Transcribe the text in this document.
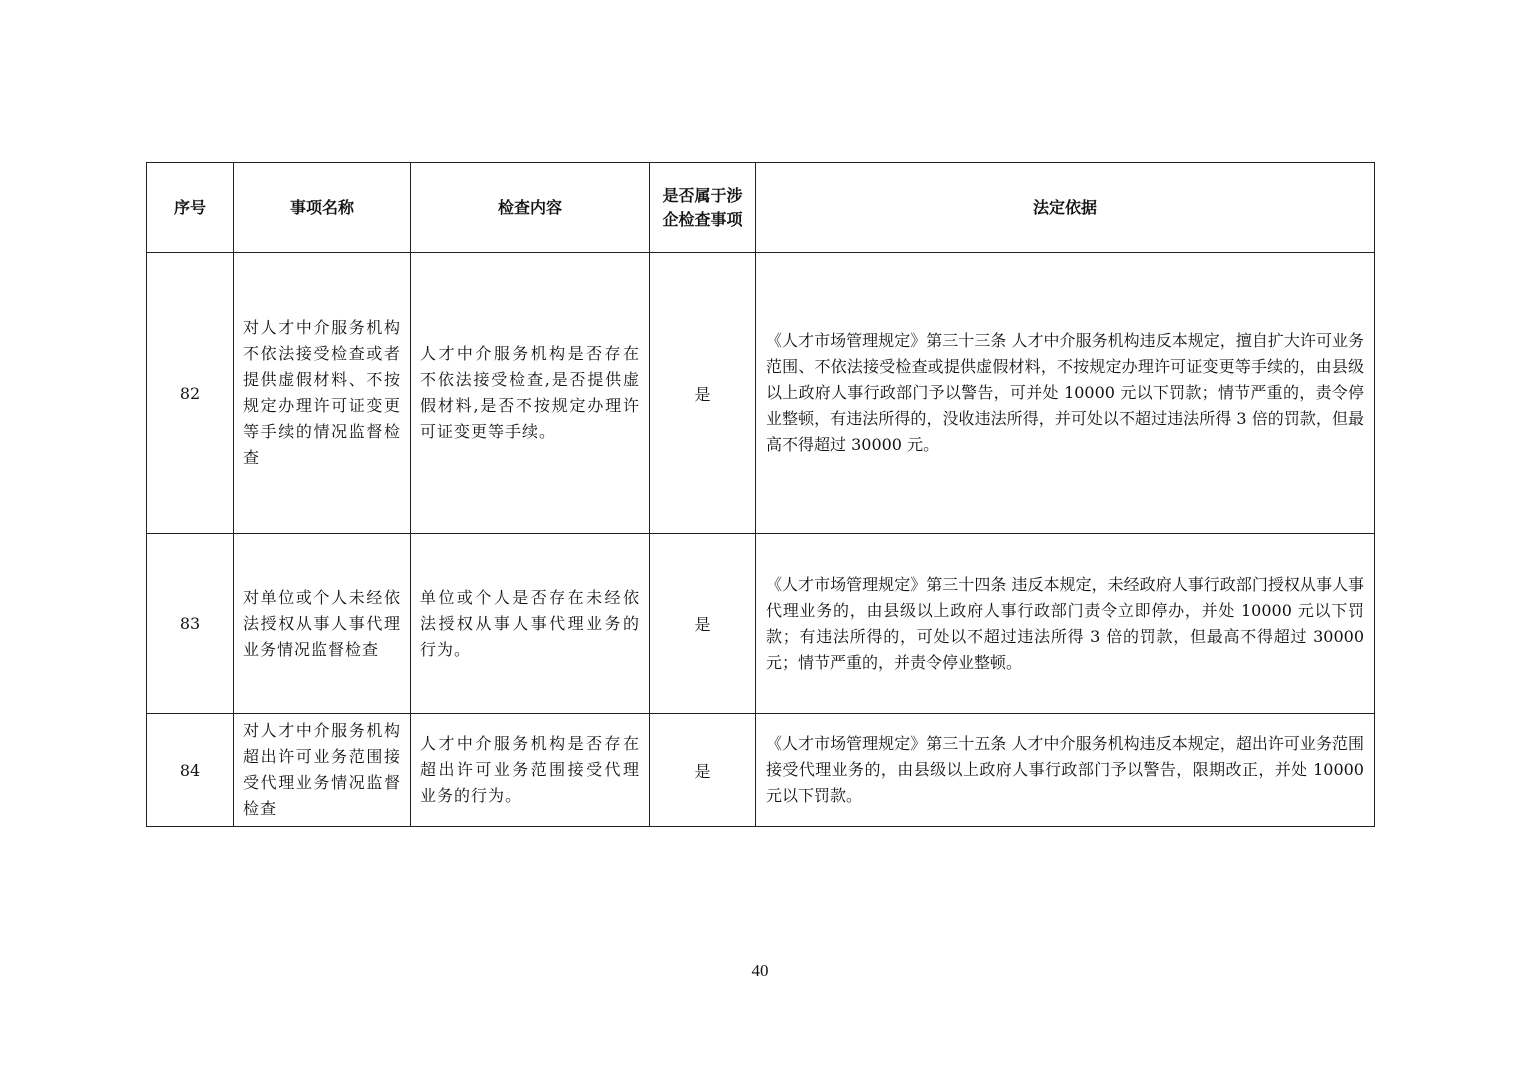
序号	事项名称	检查内容	是否属于涉企检查事项	法定依据
82	对人才中介服务机构不依法接受检查或者提供虚假材料、不按规定办理许可证变更等手续的情况监督检查	人才中介服务机构是否存在不依法接受检查,是否提供虚假材料,是否不按规定办理许可证变更等手续。	是	《人才市场管理规定》第三十三条 人才中介服务机构违反本规定，擅自扩大许可业务范围、不依法接受检查或提供虚假材料，不按规定办理许可证变更等手续的，由县级以上政府人事行政部门予以警告，可并处 10000 元以下罚款；情节严重的，责令停业整顿，有违法所得的，没收违法所得，并可处以不超过违法所得 3 倍的罚款，但最高不得超过 30000 元。
83	对单位或个人未经依法授权从事人事代理业务情况监督检查	单位或个人是否存在未经依法授权从事人事代理业务的行为。	是	《人才市场管理规定》第三十四条 违反本规定，未经政府人事行政部门授权从事人事代理业务的，由县级以上政府人事行政部门责令立即停办，并处 10000 元以下罚款；有违法所得的，可处以不超过违法所得 3 倍的罚款，但最高不得超过 30000 元；情节严重的，并责令停业整顿。
84	对人才中介服务机构超出许可业务范围接受代理业务情况监督检查	人才中介服务机构是否存在超出许可业务范围接受代理业务的行为。	是	《人才市场管理规定》第三十五条 人才中介服务机构违反本规定，超出许可业务范围接受代理业务的，由县级以上政府人事行政部门予以警告，限期改正，并处 10000 元以下罚款。
40
